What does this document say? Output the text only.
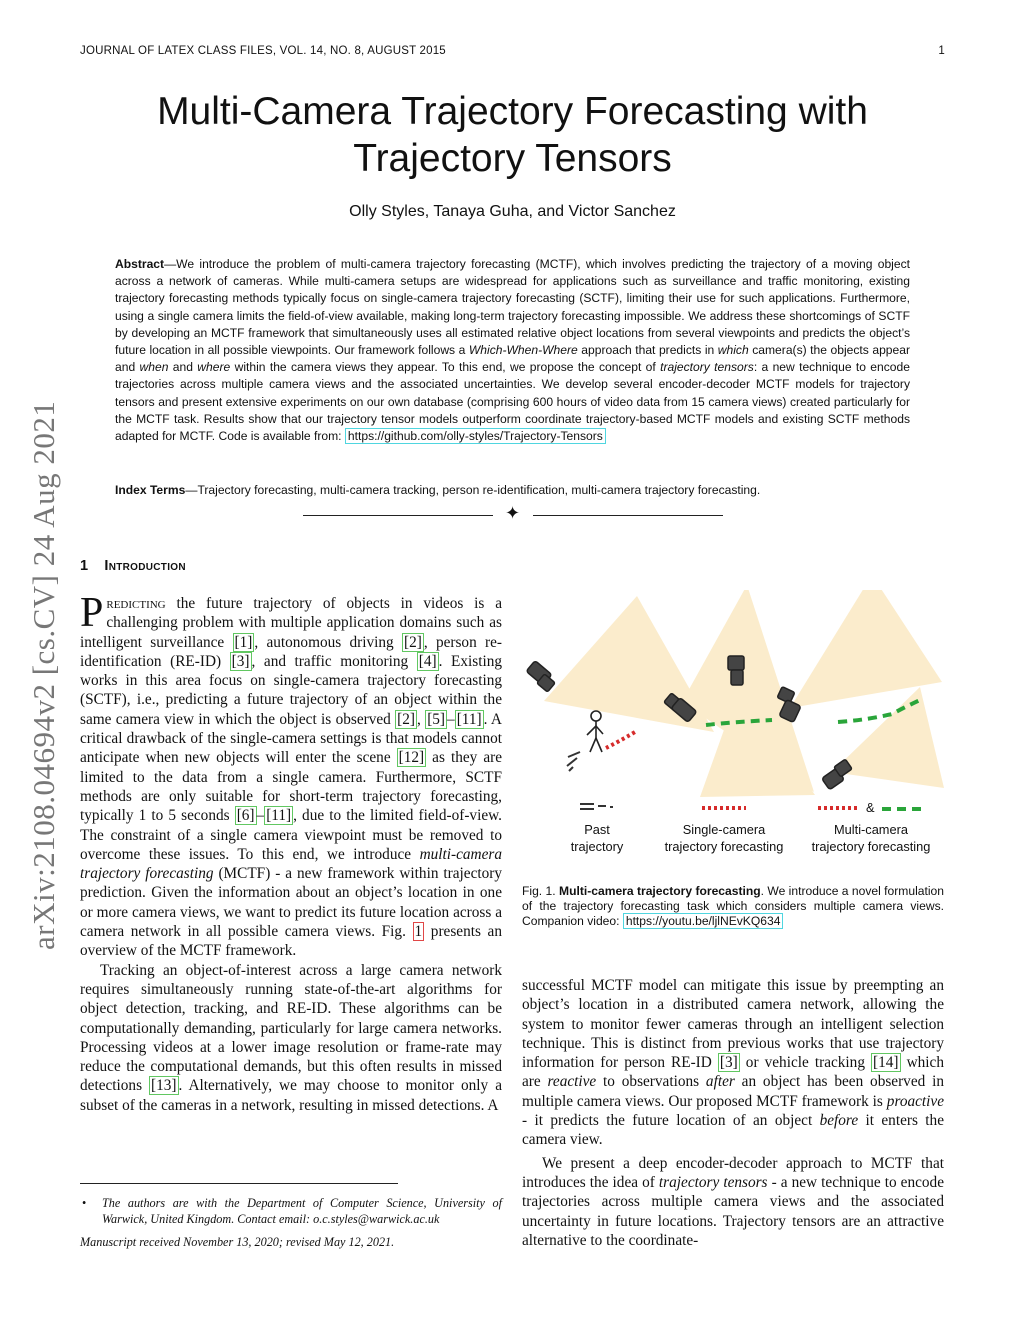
JOURNAL OF LATEX CLASS FILES, VOL. 14, NO. 8, AUGUST 2015	1
arXiv:2108.04694v2 [cs.CV] 24 Aug 2021
Multi-Camera Trajectory Forecasting with
Trajectory Tensors
Olly Styles, Tanaya Guha, and Victor Sanchez
Abstract—We introduce the problem of multi-camera trajectory forecasting (MCTF), which involves predicting the trajectory of a moving object across a network of cameras. While multi-camera setups are widespread for applications such as surveillance and traffic monitoring, existing trajectory forecasting methods typically focus on single-camera trajectory forecasting (SCTF), limiting their use for such applications. Furthermore, using a single camera limits the field-of-view available, making long-term trajectory forecasting impossible. We address these shortcomings of SCTF by developing an MCTF framework that simultaneously uses all estimated relative object locations from several viewpoints and predicts the object’s future location in all possible viewpoints. Our framework follows a Which-When-Where approach that predicts in which camera(s) the objects appear and when and where within the camera views they appear. To this end, we propose the concept of trajectory tensors: a new technique to encode trajectories across multiple camera views and the associated uncertainties. We develop several encoder-decoder MCTF models for trajectory tensors and present extensive experiments on our own database (comprising 600 hours of video data from 15 camera views) created particularly for the MCTF task. Results show that our trajectory tensor models outperform coordinate trajectory-based MCTF models and existing SCTF methods adapted for MCTF. Code is available from: https://github.com/olly-styles/Trajectory-Tensors
Index Terms—Trajectory forecasting, multi-camera tracking, person re-identification, multi-camera trajectory forecasting.
✦
1 Introduction

Predicting the future trajectory of objects in videos is a challenging problem with multiple application domains such as intelligent surveillance [1] , autonomous driving [2] , person re-identification (RE-ID) [3] , and traffic monitoring [4] . Existing works in this area focus on single-camera trajectory forecasting (SCTF), i.e., predicting a future trajectory of an object within the same camera view in which the object is observed [2] , [5] – [11] . A critical drawback of the single-camera settings is that models cannot anticipate when new objects will enter the scene [12] as they are limited to the data from a single camera. Furthermore, SCTF methods are only suitable for short-term trajectory forecasting, typically 1 to 5 seconds [6] – [11] , due to the limited field-of-view. The constraint of a single camera viewpoint must be removed to overcome these issues. To this end, we introduce multi-camera trajectory forecasting (MCTF) - a new framework within trajectory prediction. Given the information about an object’s location in one or more camera views, we want to predict its future location across a camera network in all possible camera views. Fig. 1 presents an overview of the MCTF framework.

Tracking an object-of-interest across a large camera network requires simultaneously running state-of-the-art algorithms for object detection, tracking, and RE-ID. These algorithms can be computationally demanding, particularly for large camera networks. Processing videos at a lower image resolution or frame-rate may reduce the computational demands, but this often results in missed detections [13] . Alternatively, we may choose to monitor only a subset of the cameras in a network, resulting in missed detections. A

• The authors are with the Department of Computer Science, University of Warwick, United Kingdom. Contact email: o.c.styles@warwick.ac.uk
Manuscript received November 13, 2020; revised May 12, 2021.
&
Past
trajectory
Single-camera
trajectory forecasting
Multi-camera
trajectory forecasting
Fig. 1. Multi-camera trajectory forecasting. We introduce a novel formulation of the trajectory forecasting task which considers multiple camera views. Companion video: https://youtu.be/ljlNEvKQ634

successful MCTF model can mitigate this issue by preempting an object’s location in a distributed camera network, allowing the system to monitor fewer cameras through an intelligent selection technique. This is distinct from previous works that use trajectory information for person RE-ID [3] or vehicle tracking [14] which are reactive to observations after an object has been observed in multiple camera views. Our proposed MCTF framework is proactive - it predicts the future location of an object before it enters the camera view.

We present a deep encoder-decoder approach to MCTF that introduces the idea of trajectory tensors - a new technique to encode trajectories across multiple camera views and the associated uncertainty in future locations. Trajectory tensors are an attractive alternative to the coordinate-
